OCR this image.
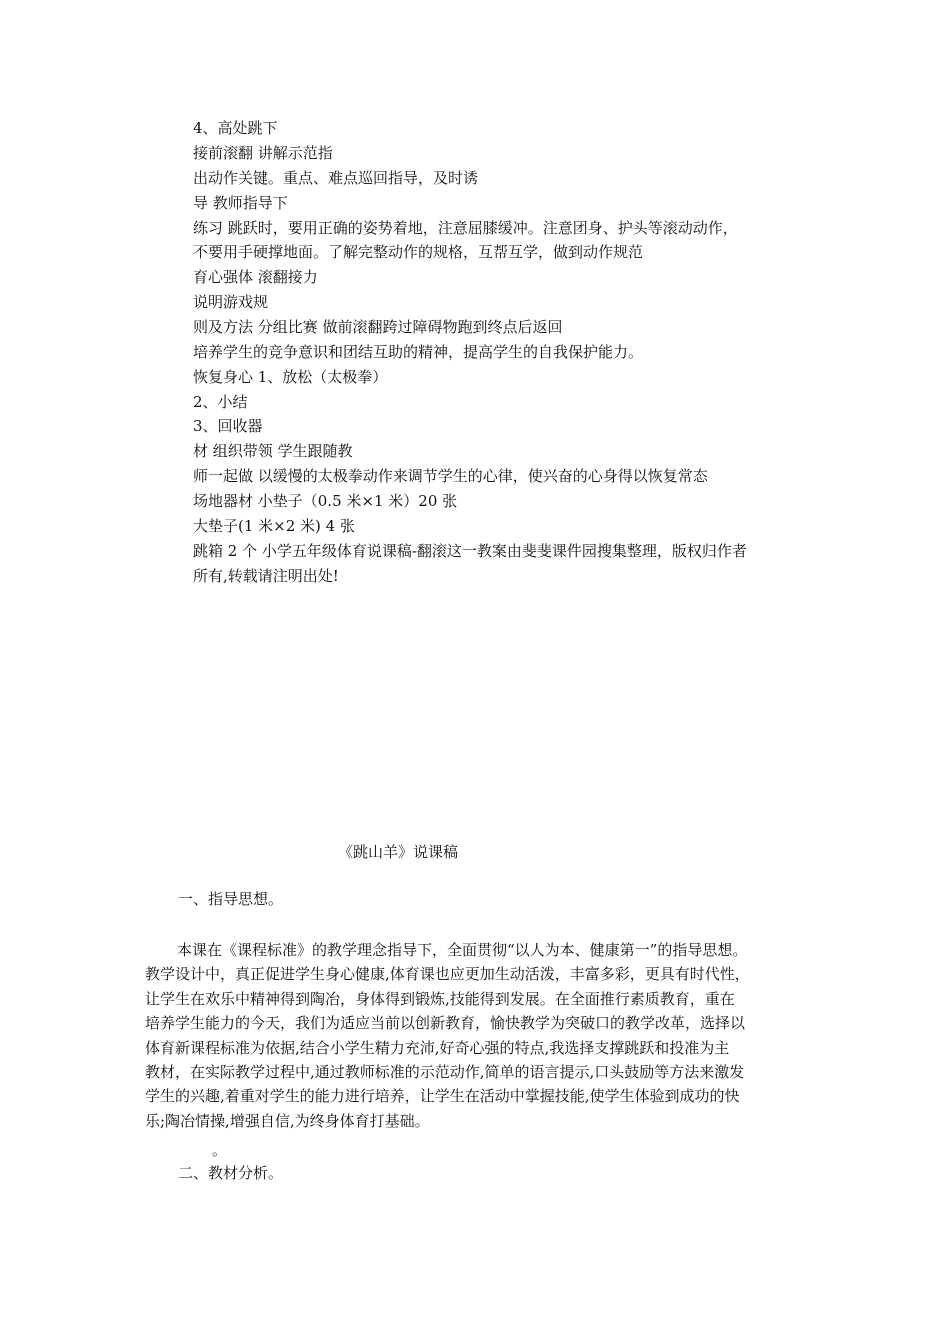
4、高处跳下
接前滚翻 讲解示范指
出动作关键。重点、难点巡回指导，及时诱
导 教师指导下
练习 跳跃时，要用正确的姿势着地，注意屈膝缓冲。注意团身、护头等滚动动作，
不要用手硬撑地面。了解完整动作的规格，互帮互学，做到动作规范
育心强体 滚翻接力
说明游戏规
则及方法 分组比赛 做前滚翻跨过障碍物跑到终点后返回
培养学生的竞争意识和团结互助的精神，提高学生的自我保护能力。
恢复身心 1、放松（太极拳）
2、小结
3、回收器
材 组织带领 学生跟随教
师一起做 以缓慢的太极拳动作来调节学生的心律，使兴奋的心身得以恢复常态
场地器材 小垫子（0.5 米×1 米）20 张
大垫子(1 米×2 米) 4 张
跳箱 2 个 小学五年级体育说课稿-翻滚这一教案由斐斐课件园搜集整理，版权归作者
所有,转载请注明出处!
《跳山羊》说课稿
一、指导思想。
本课在《课程标准》的教学理念指导下，全面贯彻“以人为本、健康第一”的指导思想。
教学设计中，真正促进学生身心健康,体育课也应更加生动活泼，丰富多彩，更具有时代性，
让学生在欢乐中精神得到陶冶，身体得到锻炼,技能得到发展。在全面推行素质教育，重在
培养学生能力的今天，我们为适应当前以创新教育，愉快教学为突破口的教学改革，选择以
体育新课程标准为依据,结合小学生精力充沛,好奇心强的特点,我选择支撑跳跃和投准为主
教材，在实际教学过程中,通过教师标准的示范动作,简单的语言提示,口头鼓励等方法来激发
学生的兴趣,着重对学生的能力进行培养，让学生在活动中掌握技能,使学生体验到成功的快
乐;陶冶情操,增强自信,为终身体育打基础。
。
二、教材分析。
